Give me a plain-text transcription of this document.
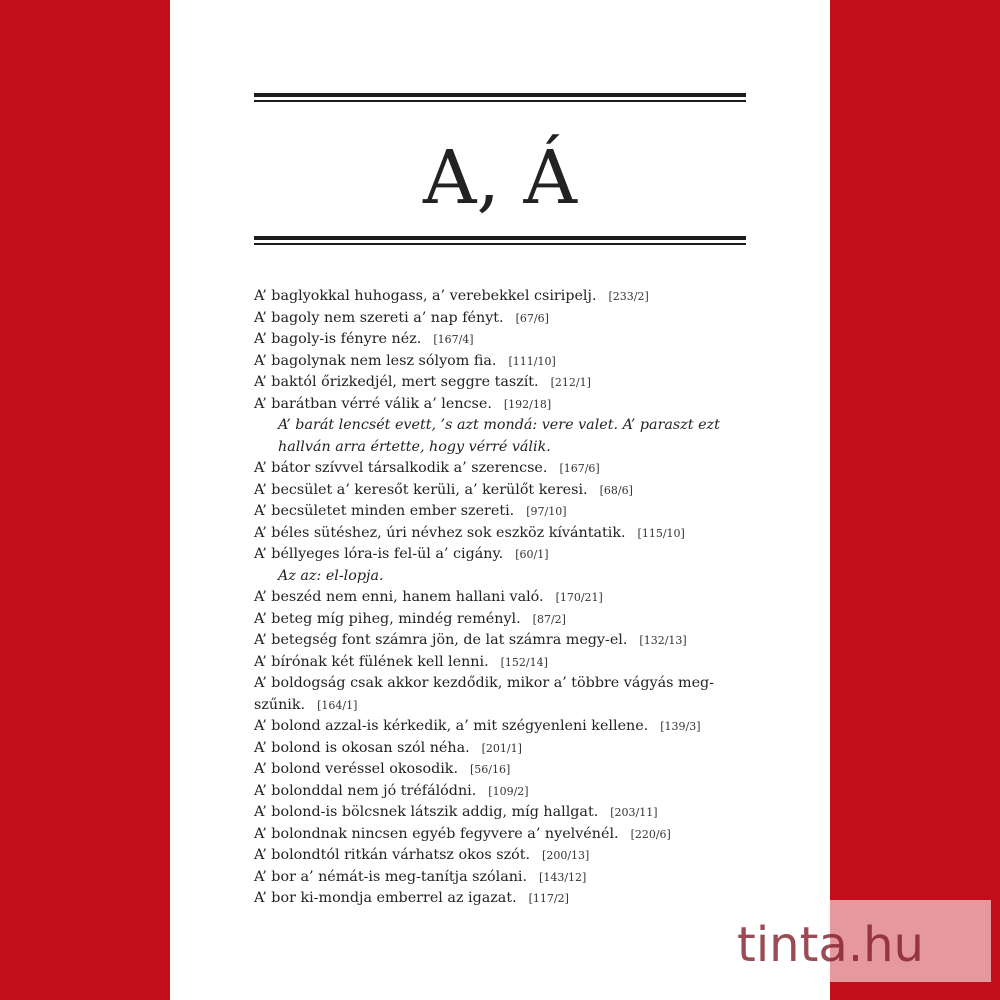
A, Á
A’ baglyokkal huhogass, a’ verebekkel csiripelj. [233/2]
A’ bagoly nem szereti a’ nap fényt. [67/6]
A’ bagoly-is fényre néz. [167/4]
A’ bagolynak nem lesz sólyom fia. [111/10]
A’ baktól őrizkedjél, mert seggre taszít. [212/1]
A’ barátban vérré válik a’ lencse. [192/18]
A’ barát lencsét evett, ’s azt mondá: vere valet. A’ paraszt ezt hallván arra értette, hogy vérré válik.
A’ bátor szívvel társalkodik a’ szerencse. [167/6]
A’ becsület a’ keresőt kerüli, a’ kerülőt keresi. [68/6]
A’ becsületet minden ember szereti. [97/10]
A’ béles sütéshez, úri névhez sok eszköz kívántatik. [115/10]
A’ béllyeges lóra-is fel-ül a’ cigány. [60/1]
Az az: el-lopja.
A’ beszéd nem enni, hanem hallani való. [170/21]
A’ beteg míg piheg, mindég reményl. [87/2]
A’ betegség font számra jön, de lat számra megy-el. [132/13]
A’ bírónak két fülének kell lenni. [152/14]
A’ boldogság csak akkor kezdődik, mikor a’ többre vágyás megszűnik. [164/1]
A’ bolond azzal-is kérkedik, a’ mit szégyenleni kellene. [139/3]
A’ bolond is okosan szól néha. [201/1]
A’ bolond veréssel okosodik. [56/16]
A’ bolonddal nem jó tréfálódni. [109/2]
A’ bolond-is bölcsnek látszik addig, míg hallgat. [203/11]
A’ bolondnak nincsen egyéb fegyvere a’ nyelvénél. [220/6]
A’ bolondtól ritkán várhatsz okos szót. [200/13]
A’ bor a’ némát-is meg-tanítja szólani. [143/12]
A’ bor ki-mondja emberrel az igazat. [117/2]
tinta.hu
